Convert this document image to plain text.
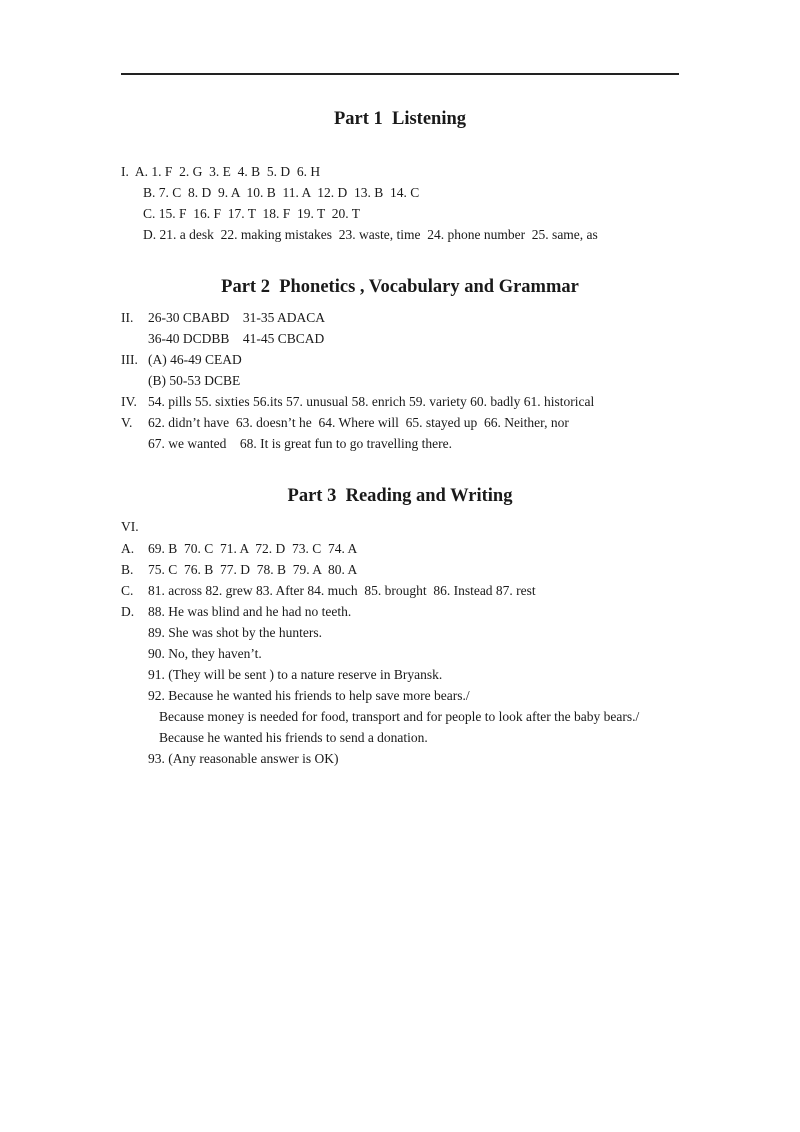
Part 1  Listening
I.  A. 1. F  2. G  3. E  4. B  5. D  6. H
B. 7. C  8. D  9. A  10. B  11. A  12. D  13. B  14. C
C. 15. F  16. F  17. T  18. F  19. T  20. T
D. 21. a desk  22. making mistakes  23. waste, time  24. phone number  25. same, as
Part 2  Phonetics , Vocabulary and Grammar
II. 26-30 CBABD    31-35 ADACA
36-40 DCDBB    41-45 CBCAD
III. (A) 46-49 CEAD
(B) 50-53 DCBE
IV. 54. pills 55. sixties 56.its 57. unusual 58. enrich 59. variety 60. badly 61. historical
V. 62. didn’t have  63. doesn’t he  64. Where will  65. stayed up  66. Neither, nor
67. we wanted    68. It is great fun to go travelling there.
Part 3  Reading and Writing
VI.
A. 69. B  70. C  71. A  72. D  73. C  74. A
B. 75. C  76. B  77. D  78. B  79. A  80. A
C. 81. across 82. grew 83. After 84. much  85. brought  86. Instead 87. rest
D. 88. He was blind and he had no teeth.
89. She was shot by the hunters.
90. No, they haven’t.
91. (They will be sent ) to a nature reserve in Bryansk.
92. Because he wanted his friends to help save more bears./
Because money is needed for food, transport and for people to look after the baby bears./
Because he wanted his friends to send a donation.
93. (Any reasonable answer is OK)
